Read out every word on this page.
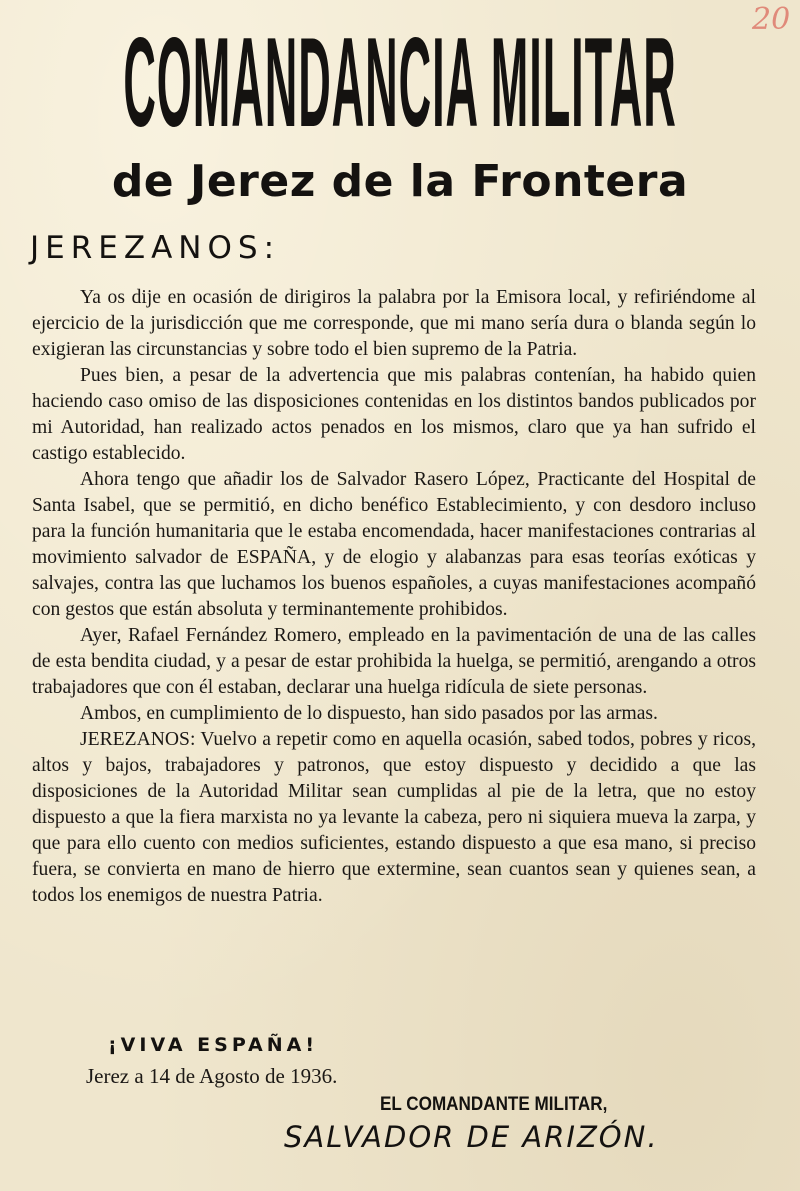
20
COMANDANCIA MILITAR
de Jerez de la Frontera
JEREZANOS:

Ya os dije en ocasión de dirigiros la palabra por la Emisora local, y refiriéndome al ejercicio de la jurisdicción que me corresponde, que mi mano sería dura o blanda según lo exigieran las circunstancias y sobre todo el bien supremo de la Patria.

Pues bien, a pesar de la advertencia que mis palabras contenían, ha habido quien haciendo caso omiso de las disposiciones contenidas en los distintos bandos publicados por mi Autoridad, han realizado actos penados en los mismos, claro que ya han sufrido el castigo establecido.

Ahora tengo que añadir los de Salvador Rasero López, Practicante del Hospital de Santa Isabel, que se permitió, en dicho benéfico Establecimiento, y con desdoro incluso para la función humanitaria que le estaba encomendada, hacer manifestaciones contrarias al movimiento salvador de ESPAÑA, y de elogio y alabanzas para esas teorías exóticas y salvajes, contra las que luchamos los buenos españoles, a cuyas manifestaciones acompañó con gestos que están absoluta y terminantemente prohibidos.

Ayer, Rafael Fernández Romero, empleado en la pavimentación de una de las calles de esta bendita ciudad, y a pesar de estar prohibida la huelga, se permitió, arengando a otros trabajadores que con él estaban, declarar una huelga ridícula de siete personas.

Ambos, en cumplimiento de lo dispuesto, han sido pasados por las armas.

JEREZANOS: Vuelvo a repetir como en aquella ocasión, sabed todos, pobres y ricos, altos y bajos, trabajadores y patronos, que estoy dispuesto y decidido a que las disposiciones de la Autoridad Militar sean cumplidas al pie de la letra, que no estoy dispuesto a que la fiera marxista no ya levante la cabeza, pero ni siquiera mueva la zarpa, y que para ello cuento con medios suficientes, estando dispuesto a que esa mano, si preciso fuera, se convierta en mano de hierro que extermine, sean cuantos sean y quienes sean, a todos los enemigos de nuestra Patria.

¡VIVA ESPAÑA!
Jerez a 14 de Agosto de 1936.
EL COMANDANTE MILITAR,
SALVADOR DE ARIZÓN.
